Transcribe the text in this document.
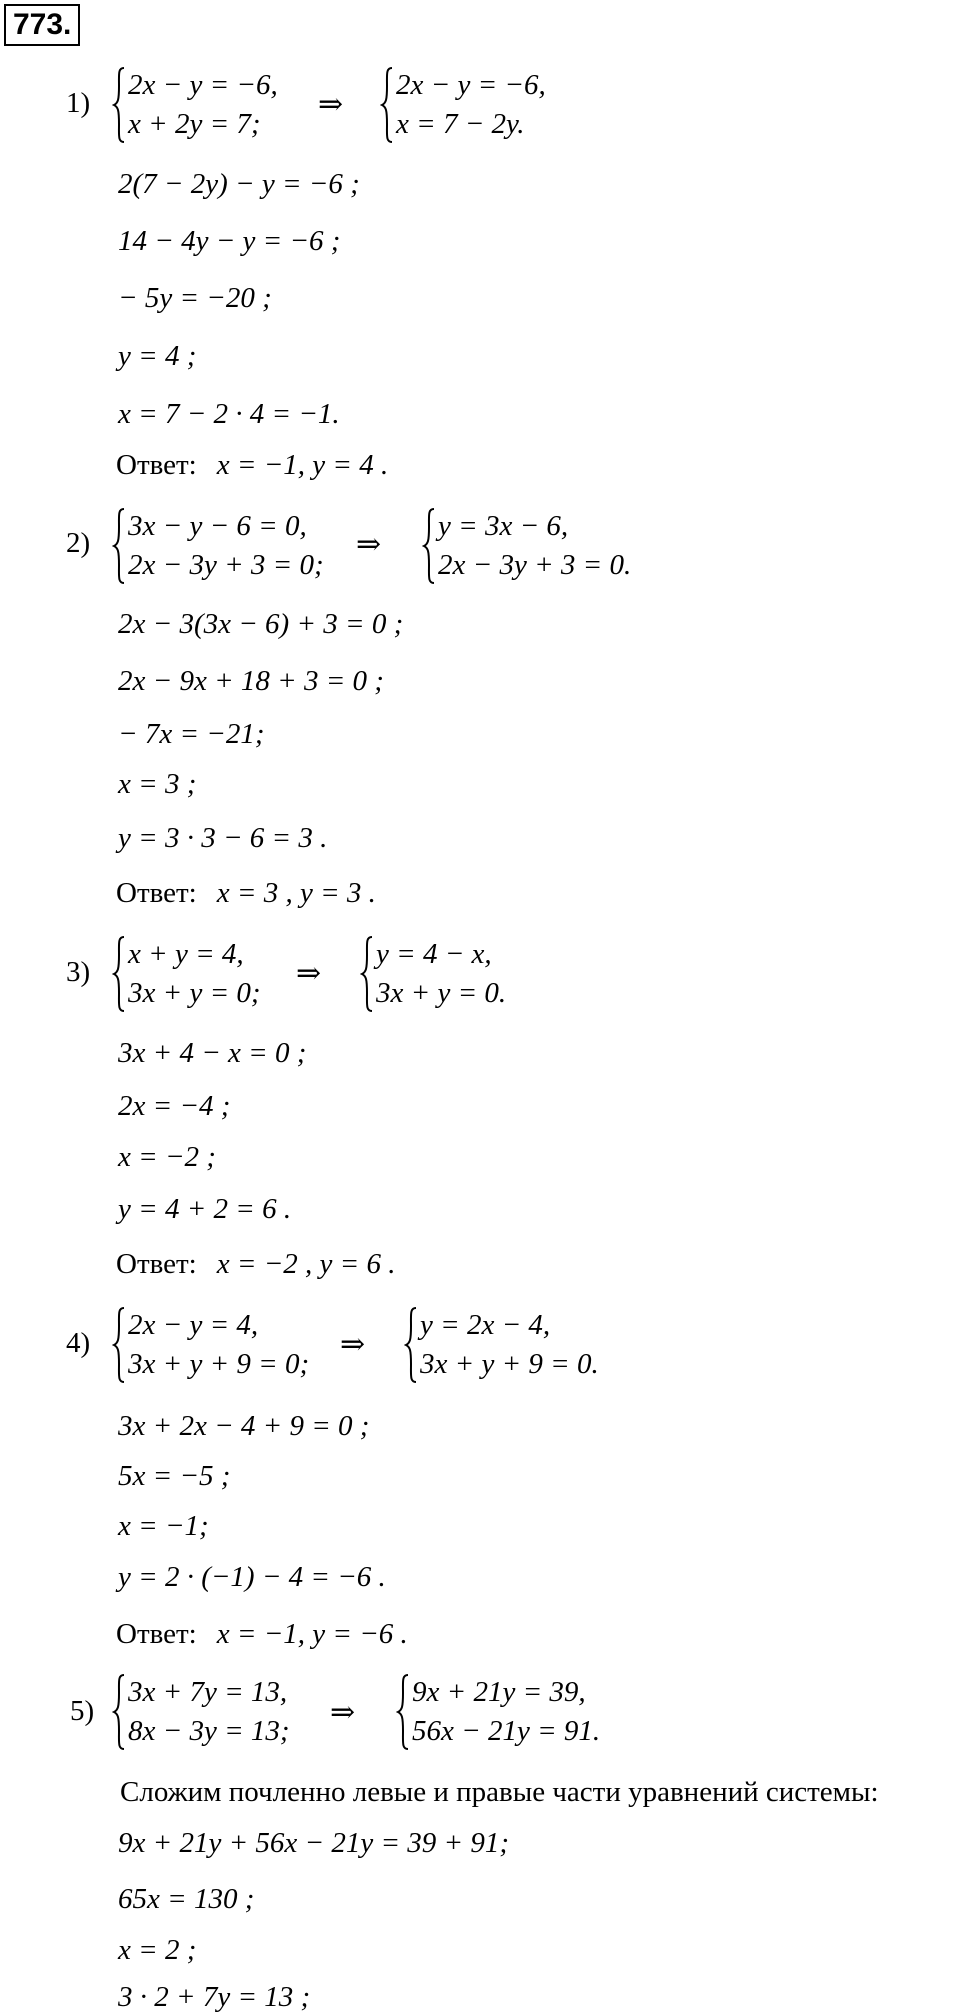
773.
1)
2x − y = −6,
x + 2y = 7;
⇒
2x − y = −6,
x = 7 − 2y.
2(7 − 2y) − y = −6 ;
14 − 4y − y = −6 ;
− 5y = −20 ;
y = 4 ;
x = 7 − 2 · 4 = −1.
Ответ: x = −1, y = 4 .
2)
3x − y − 6 = 0,
2x − 3y + 3 = 0;
⇒
y = 3x − 6,
2x − 3y + 3 = 0.
2x − 3(3x − 6) + 3 = 0 ;
2x − 9x + 18 + 3 = 0 ;
− 7x = −21;
x = 3 ;
y = 3 · 3 − 6 = 3 .
Ответ: x = 3 , y = 3 .
3)
x + y = 4,
3x + y = 0;
⇒
y = 4 − x,
3x + y = 0.
3x + 4 − x = 0 ;
2x = −4 ;
x = −2 ;
y = 4 + 2 = 6 .
Ответ: x = −2 , y = 6 .
4)
2x − y = 4,
3x + y + 9 = 0;
⇒
y = 2x − 4,
3x + y + 9 = 0.
3x + 2x − 4 + 9 = 0 ;
5x = −5 ;
x = −1;
y = 2 · (−1) − 4 = −6 .
Ответ: x = −1, y = −6 .
5)
3x + 7y = 13,
8x − 3y = 13;
⇒
9x + 21y = 39,
56x − 21y = 91.
Сложим почленно левые и правые части уравнений системы:
9x + 21y + 56x − 21y = 39 + 91;
65x = 130 ;
x = 2 ;
3 · 2 + 7y = 13 ;
